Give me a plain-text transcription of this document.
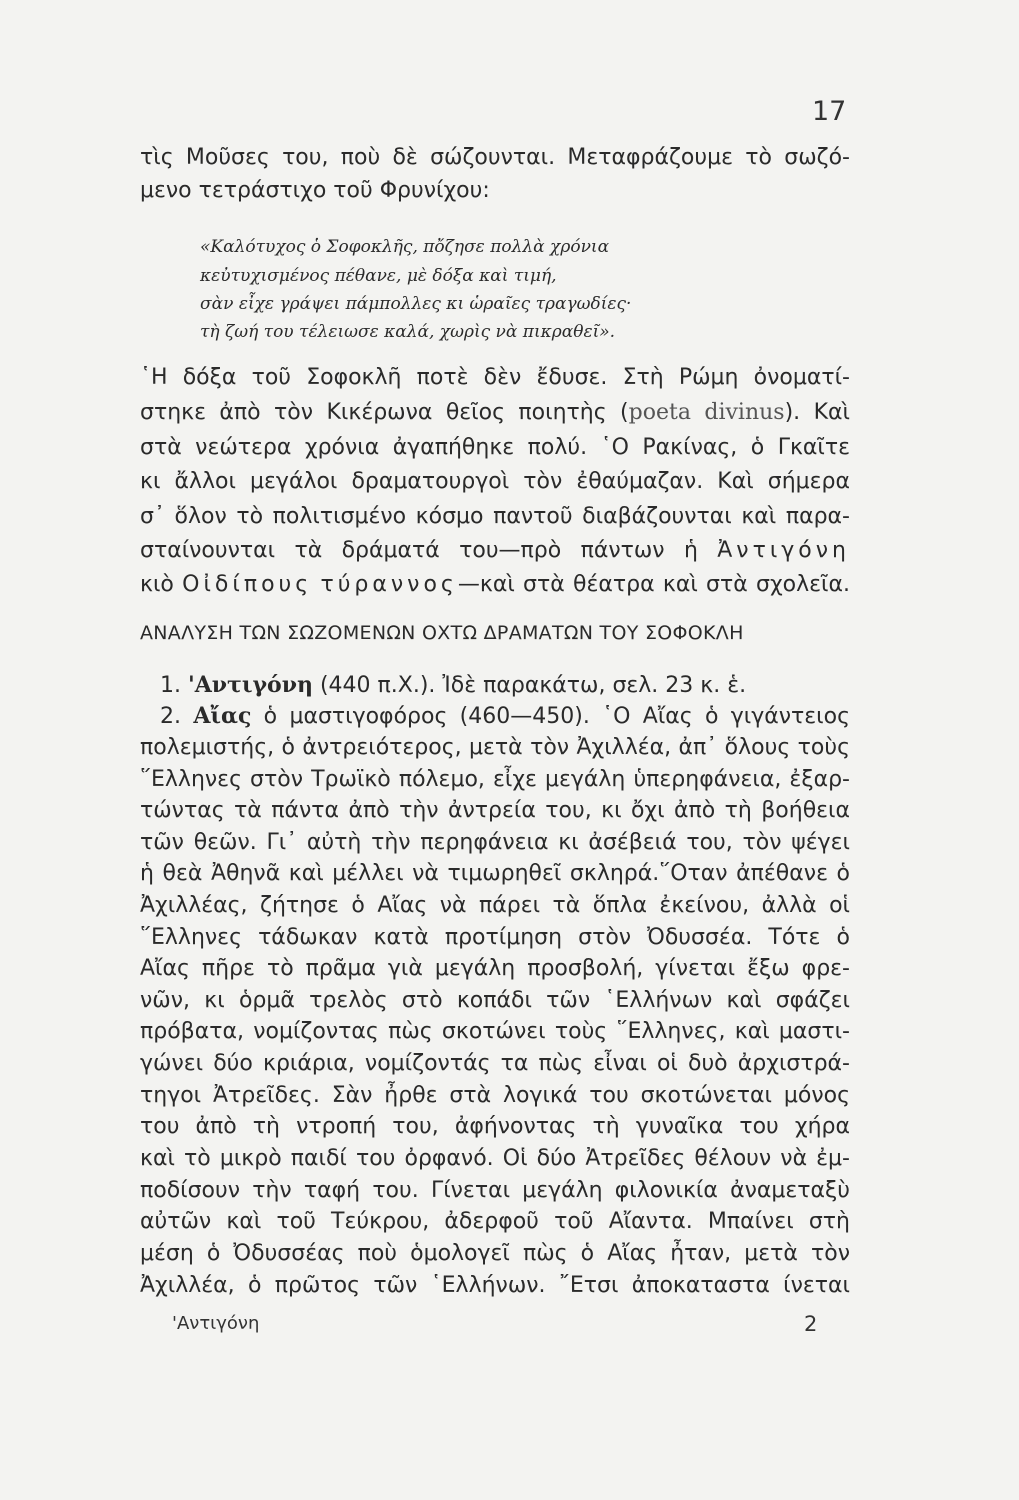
17
τὶς Μοῦσες του, ποὺ δὲ σώζουνται. Μεταφράζουμε τὸ σωζό-
μενο τετράστιχο τοῦ Φρυνίχου:
«Καλότυχος ὁ Σοφοκλῆς, πὄζησε πολλὰ χρόνια
κεὐτυχισμένος πέθανε, μὲ δόξα καὶ τιμή,
σὰν εἶχε γράψει πάμπολλες κι ὡραῖες τραγωδίες·
τὴ ζωή του τέλειωσε καλά, χωρὶς νὰ πικραθεῖ».
῾Η δόξα τοῦ Σοφοκλῆ ποτὲ δὲν ἔδυσε. Στὴ Ρώμη ὀνοματί-
στηκε ἀπὸ τὸν Κικέρωνα θεῖος ποιητὴς (poeta divinus). Καὶ
στὰ νεώτερα χρόνια ἀγαπήθηκε πολύ. ῾Ο Ρακίνας, ὁ Γκαῖτε
κι ἄλλοι μεγάλοι δραματουργοὶ τὸν ἐθαύμαζαν. Καὶ σήμερα
σ᾽ ὅλον τὸ πολιτισμένο κόσμο παντοῦ διαβάζουνται καὶ παρα-
σταίνουνται τὰ δράματά του—πρὸ πάντων ἡ Ἀντιγόνη
κιὸ Οἰδίπους τύραννος—καὶ στὰ θέατρα καὶ στὰ σχολεῖα.
ΑΝΑΛΥΣΗ ΤΩΝ ΣΩΖΟΜΕΝΩΝ ΟΧΤΩ ΔΡΑΜΑΤΩΝ ΤΟΥ ΣΟΦΟΚΛΗ
1. 'Αντιγόνη (440 π.Χ.). Ἰδὲ παρακάτω, σελ. 23 κ. ἑ.
2. Αἴας ὁ μαστιγοφόρος (460—450). ῾Ο Αἴας ὁ γιγάντειος
πολεμιστής, ὁ ἀντρειότερος, μετὰ τὸν Ἀχιλλέα, ἀπ᾽ ὅλους τοὺς
῞Ελληνες στὸν Τρωϊκὸ πόλεμο, εἶχε μεγάλη ὑπερηφάνεια, ἐξαρ-
τώντας τὰ πάντα ἀπὸ τὴν ἀντρεία του, κι ὄχι ἀπὸ τὴ βοήθεια
τῶν θεῶν. Γι᾽ αὐτὴ τὴν περηφάνεια κι ἀσέβειά του, τὸν ψέγει
ἡ θεὰ Ἀθηνᾶ καὶ μέλλει νὰ τιμωρηθεῖ σκληρά.῞Οταν ἀπέθανε ὁ
Ἀχιλλέας, ζήτησε ὁ Αἴας νὰ πάρει τὰ ὅπλα ἐκείνου, ἀλλὰ οἱ
῞Ελληνες τάδωκαν κατὰ προτίμηση στὸν Ὀδυσσέα. Τότε ὁ
Αἴας πῆρε τὸ πρᾶμα γιὰ μεγάλη προσβολή, γίνεται ἔξω φρε-
νῶν, κι ὁρμᾶ τρελὸς στὸ κοπάδι τῶν ῾Ελλήνων καὶ σφάζει
πρόβατα, νομίζοντας πὼς σκοτώνει τοὺς ῞Ελληνες, καὶ μαστι-
γώνει δύο κριάρια, νομίζοντάς τα πὼς εἶναι οἱ δυὸ ἀρχιστρά-
τηγοι Ἀτρεῖδες. Σὰν ἦρθε στὰ λογικά του σκοτώνεται μόνος
του ἀπὸ τὴ ντροπή του, ἀφήνοντας τὴ γυναῖκα του χήρα
καὶ τὸ μικρὸ παιδί του ὀρφανό. Οἱ δύο Ἀτρεῖδες θέλουν νὰ ἐμ-
ποδίσουν τὴν ταφή του. Γίνεται μεγάλη φιλονικία ἀναμεταξὺ
αὐτῶν καὶ τοῦ Τεύκρου, ἀδερφοῦ τοῦ Αἴαντα. Μπαίνει στὴ
μέση ὁ Ὀδυσσέας ποὺ ὁμολογεῖ πὼς ὁ Αἴας ἦταν, μετὰ τὸν
Ἀχιλλέα, ὁ πρῶτος τῶν ῾Ελλήνων. ῎Ετσι ἀποκαταστα ίνεται
'Αντιγόνη	2
